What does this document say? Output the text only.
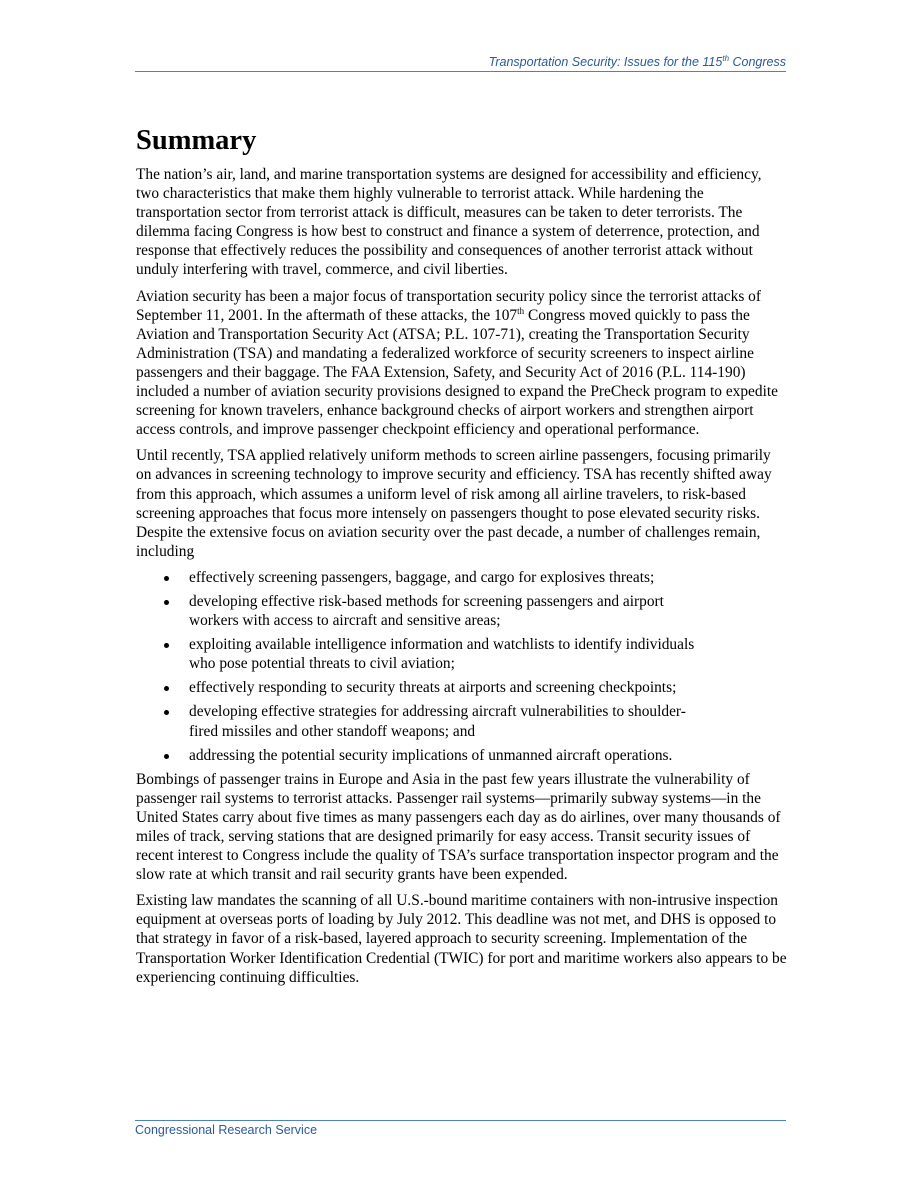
Transportation Security: Issues for the 115th Congress
Summary

The nation’s air, land, and marine transportation systems are designed for accessibility and efficiency, two characteristics that make them highly vulnerable to terrorist attack. While hardening the transportation sector from terrorist attack is difficult, measures can be taken to deter terrorists. The dilemma facing Congress is how best to construct and finance a system of deterrence, protection, and response that effectively reduces the possibility and consequences of another terrorist attack without unduly interfering with travel, commerce, and civil liberties.

Aviation security has been a major focus of transportation security policy since the terrorist attacks of September 11, 2001. In the aftermath of these attacks, the 107th Congress moved quickly to pass the Aviation and Transportation Security Act (ATSA; P.L. 107-71), creating the Transportation Security Administration (TSA) and mandating a federalized workforce of security screeners to inspect airline passengers and their baggage. The FAA Extension, Safety, and Security Act of 2016 (P.L. 114-190) included a number of aviation security provisions designed to expand the PreCheck program to expedite screening for known travelers, enhance background checks of airport workers and strengthen airport access controls, and improve passenger checkpoint efficiency and operational performance.

Until recently, TSA applied relatively uniform methods to screen airline passengers, focusing primarily on advances in screening technology to improve security and efficiency. TSA has recently shifted away from this approach, which assumes a uniform level of risk among all airline travelers, to risk-based screening approaches that focus more intensely on passengers thought to pose elevated security risks. Despite the extensive focus on aviation security over the past decade, a number of challenges remain, including

effectively screening passengers, baggage, and cargo for explosives threats;
developing effective risk-based methods for screening passengers and airport workers with access to aircraft and sensitive areas;
exploiting available intelligence information and watchlists to identify individuals who pose potential threats to civil aviation;
effectively responding to security threats at airports and screening checkpoints;
developing effective strategies for addressing aircraft vulnerabilities to shoulder-fired missiles and other standoff weapons; and
addressing the potential security implications of unmanned aircraft operations.

Bombings of passenger trains in Europe and Asia in the past few years illustrate the vulnerability of passenger rail systems to terrorist attacks. Passenger rail systems—primarily subway systems—in the United States carry about five times as many passengers each day as do airlines, over many thousands of miles of track, serving stations that are designed primarily for easy access. Transit security issues of recent interest to Congress include the quality of TSA’s surface transportation inspector program and the slow rate at which transit and rail security grants have been expended.

Existing law mandates the scanning of all U.S.-bound maritime containers with non-intrusive inspection equipment at overseas ports of loading by July 2012. This deadline was not met, and DHS is opposed to that strategy in favor of a risk-based, layered approach to security screening. Implementation of the Transportation Worker Identification Credential (TWIC) for port and maritime workers also appears to be experiencing continuing difficulties.

Congressional Research Service
